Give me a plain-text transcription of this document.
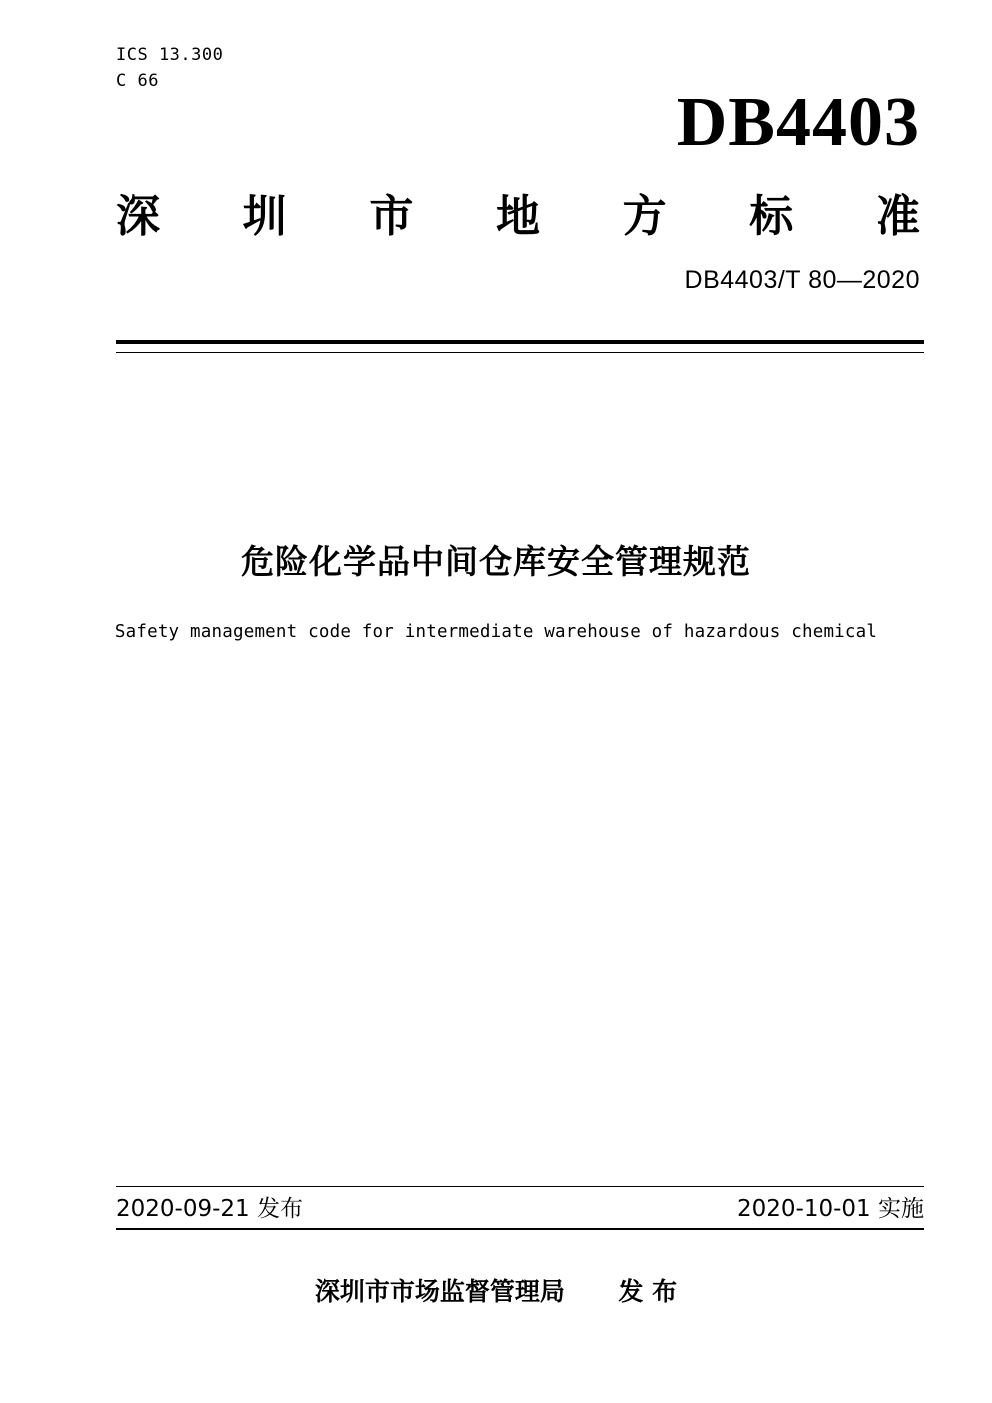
ICS 13.300
C 66
DB4403
深 圳 市 地 方 标 准
DB4403/T 80—2020
危险化学品中间仓库安全管理规范
Safety management code for intermediate warehouse of hazardous chemical
2020-09-21 发布	2020-10-01 实施
深圳市市场监督管理局 发 布
